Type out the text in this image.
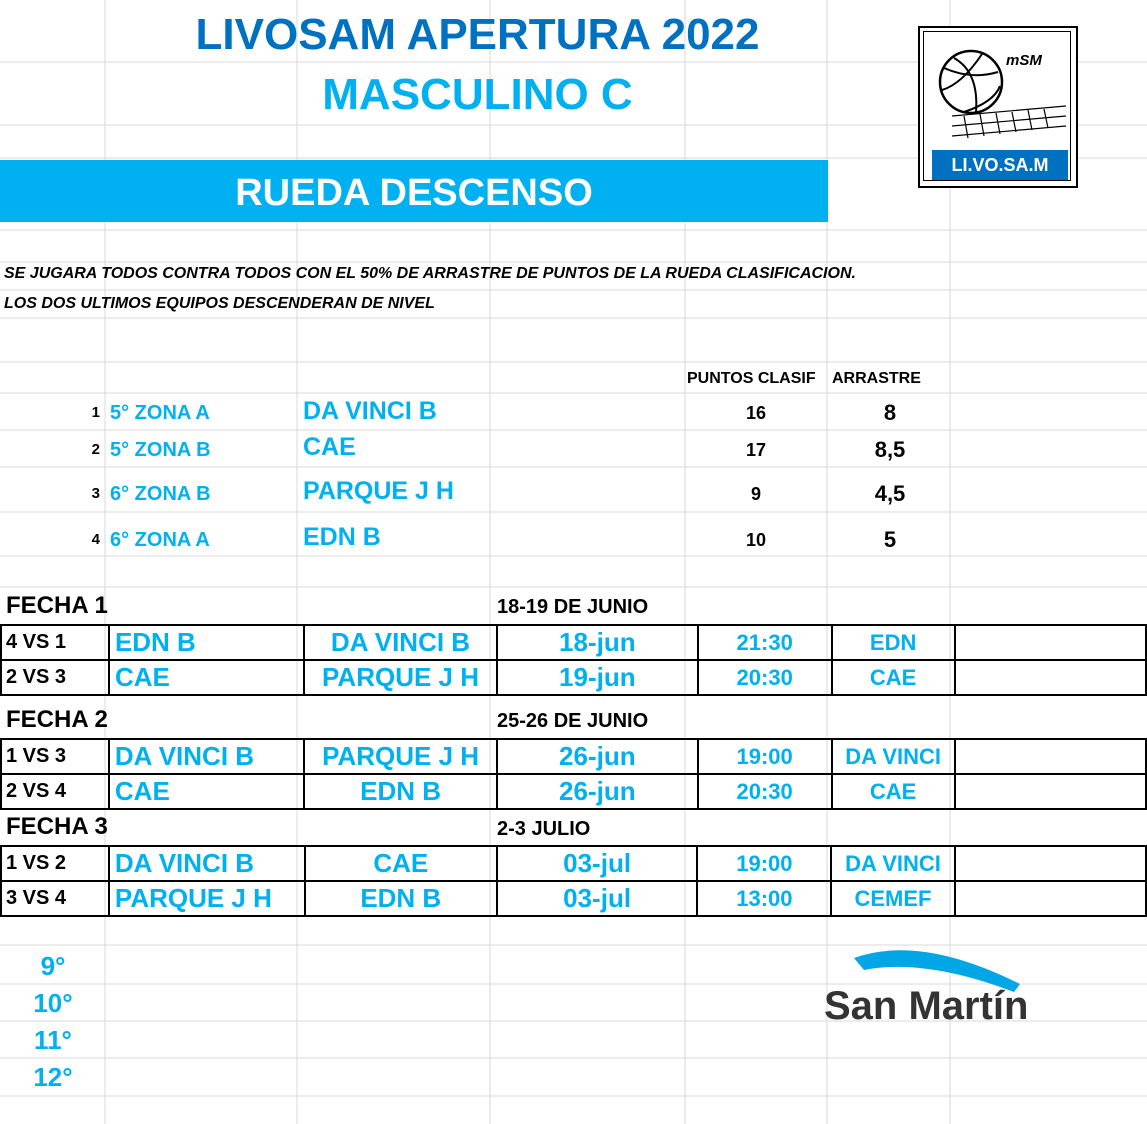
LIVOSAM APERTURA 2022
MASCULINO C
mSM
LI.VO.SA.M
RUEDA DESCENSO
SE JUGARA TODOS CONTRA TODOS CON EL 50% DE ARRASTRE DE PUNTOS DE LA RUEDA CLASIFICACION.
LOS DOS ULTIMOS EQUIPOS DESCENDERAN DE NIVEL
PUNTOS CLASIF ARRASTRE
1 5° ZONA A	DA VINCI B	16	8
2 5° ZONA B	CAE	17	8,5
3 6° ZONA B	PARQUE J H	9	4,5
4 6° ZONA A	EDN B	10	5
FECHA 1	18-19 DE JUNIO
4 VS 1	EDN B	DA VINCI B	18-jun	21:30	EDN	
2 VS 3	CAE	PARQUE J H	19-jun	20:30	CAE	
FECHA 2	25-26 DE JUNIO
1 VS 3	DA VINCI B	PARQUE J H	26-jun	19:00	DA VINCI	
2 VS 4	CAE	EDN B	26-jun	20:30	CAE	
FECHA 3	2-3 JULIO
1 VS 2	DA VINCI B	CAE	03-jul	19:00	DA VINCI	
3 VS 4	PARQUE J H	EDN B	03-jul	13:00	CEMEF	
9°
10°
11°
12°
San Martín
